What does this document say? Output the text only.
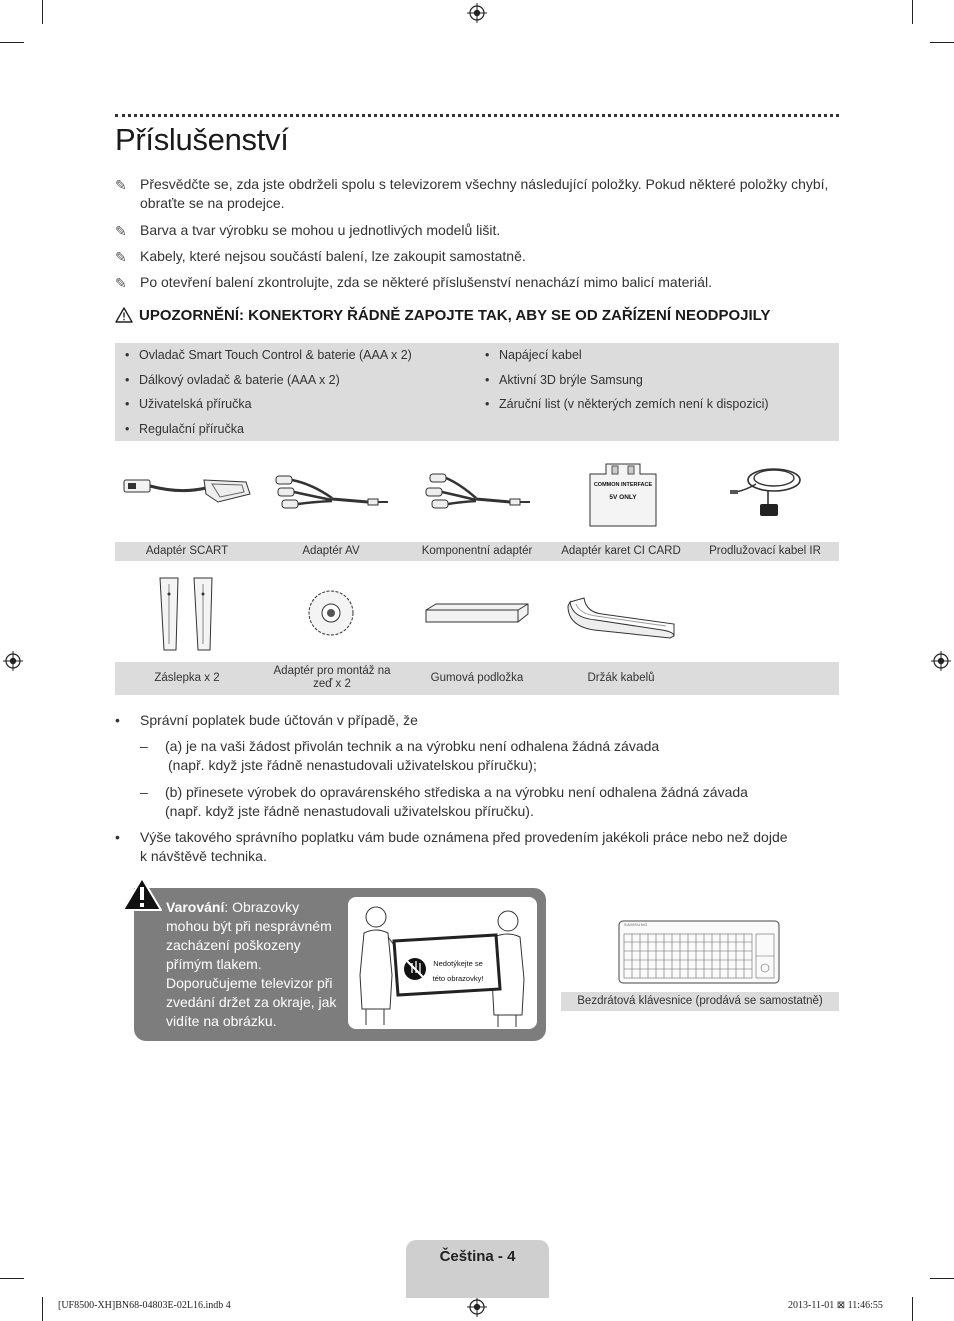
Příslušenství
✎ Přesvědčte se, zda jste obdrželi spolu s televizorem všechny následující položky. Pokud některé položky chybí, obraťte se na prodejce.
✎ Barva a tvar výrobku se mohou u jednotlivých modelů lišit.
✎ Kabely, které nejsou součástí balení, lze zakoupit samostatně.
✎ Po otevření balení zkontrolujte, zda se některé příslušenství nenachází mimo balicí materiál.
UPOZORNĚNÍ: KONEKTORY ŘÁDNĚ ZAPOJTE TAK, ABY SE OD ZAŘÍZENÍ NEODPOJILY
• Ovladač Smart Touch Control & baterie (AAA x 2)
• Dálkový ovladač & baterie (AAA x 2)
• Uživatelská příručka
• Regulační příručka
• Napájecí kabel
• Aktivní 3D brýle Samsung
• Záruční list (v některých zemích není k dispozici)
COMMON INTERFACE
5V ONLY
Adaptér SCART	Adaptér AV	Komponentní adaptér	Adaptér karet CI CARD	Prodlužovací kabel IR
Záslepka x 2
Adaptér pro montáž na zeď x 2	Gumová podložka	Držák kabelů
• Správní poplatek bude účtován v případě, že
– (a) je na vaši žádost přivolán technik a na výrobku není odhalena žádná závada
(např. když jste řádně nenastudovali uživatelskou příručku);
– (b) přinesete výrobek do opravárenského střediska a na výrobku není odhalena žádná závada
(např. když jste řádně nenastudovali uživatelskou příručku).
• Výše takového správního poplatku vám bude oznámena před provedením jakékoli práce nebo než dojde k návštěvě technika.
Varování: Obrazovky mohou být při nesprávném zacházení poškozeny přímým tlakem. Doporučujeme televizor při zvedání držet za okraje, jak vidíte na obrázku.
Nedotýkejte se
této obrazovky!
SAMSUNG
Bezdrátová klávesnice (prodává se samostatně)
Čeština - 4
[UF8500-XH]BN68-04803E-02L16.indb 4	2013-11-01 ⊠ 11:46:55
